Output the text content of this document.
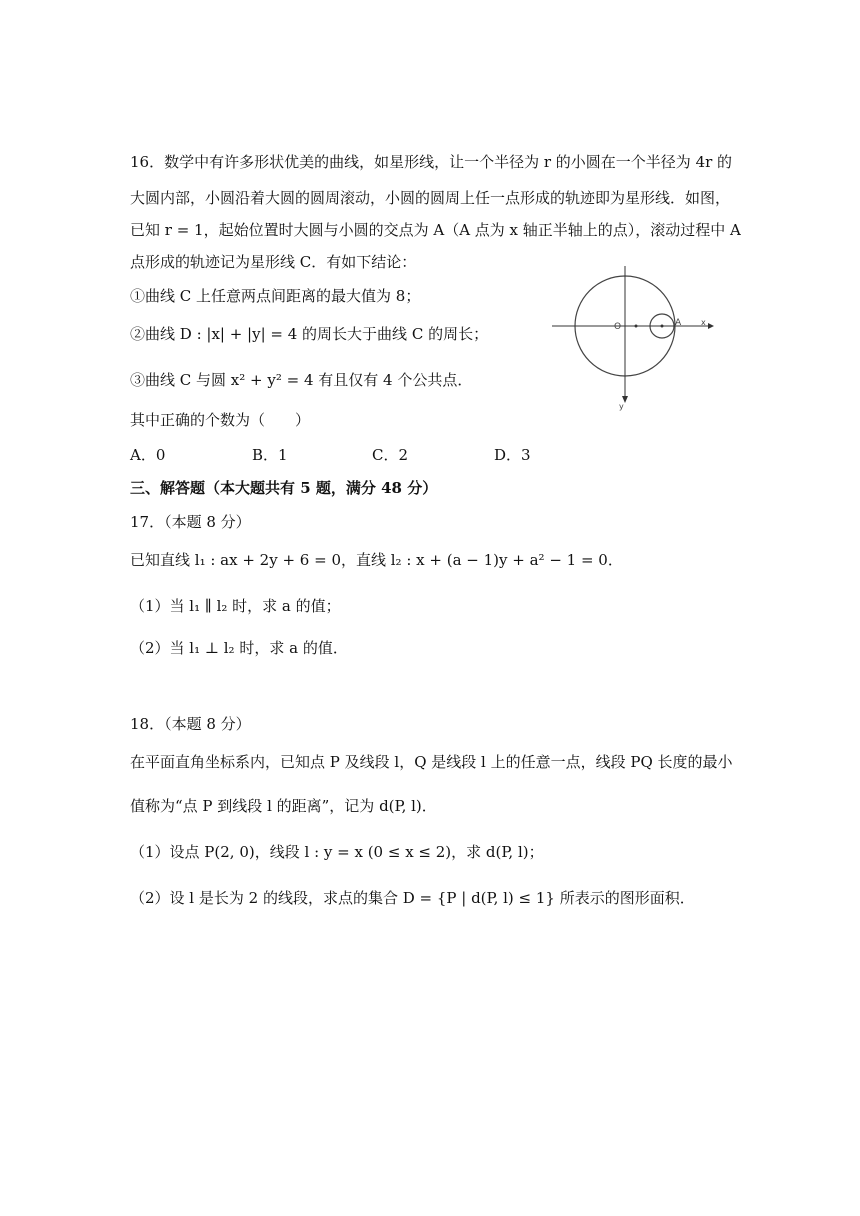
16．数学中有许多形状优美的曲线，如星形线，让一个半径为 r 的小圆在一个半径为 4r 的
大圆内部，小圆沿着大圆的圆周滚动，小圆的圆周上任一点形成的轨迹即为星形线．如图，
已知 r = 1，起始位置时大圆与小圆的交点为 A（A 点为 x 轴正半轴上的点），滚动过程中 A
点形成的轨迹记为星形线 C．有如下结论：
①曲线 C 上任意两点间距离的最大值为 8；
②曲线 D : |x| + |y| = 4 的周长大于曲线 C 的周长；
③曲线 C 与圆 x² + y² = 4 有且仅有 4 个公共点．
其中正确的个数为（　　）
A．0	B．1	C．2	D．3
O	A x
y
三、解答题（本大题共有 5 题，满分 48 分）
17．（本题 8 分）
已知直线 l₁ : ax + 2y + 6 = 0，直线 l₂ : x + (a − 1)y + a² − 1 = 0．
（1）当 l₁ ∥ l₂ 时，求 a 的值；
（2）当 l₁ ⊥ l₂ 时，求 a 的值．
18．（本题 8 分）
在平面直角坐标系内，已知点 P 及线段 l，Q 是线段 l 上的任意一点，线段 PQ 长度的最小
值称为“点 P 到线段 l 的距离”，记为 d(P, l)．
（1）设点 P(2, 0)，线段 l : y = x (0 ≤ x ≤ 2)，求 d(P, l)；
（2）设 l 是长为 2 的线段，求点的集合 D = {P | d(P, l) ≤ 1} 所表示的图形面积．
